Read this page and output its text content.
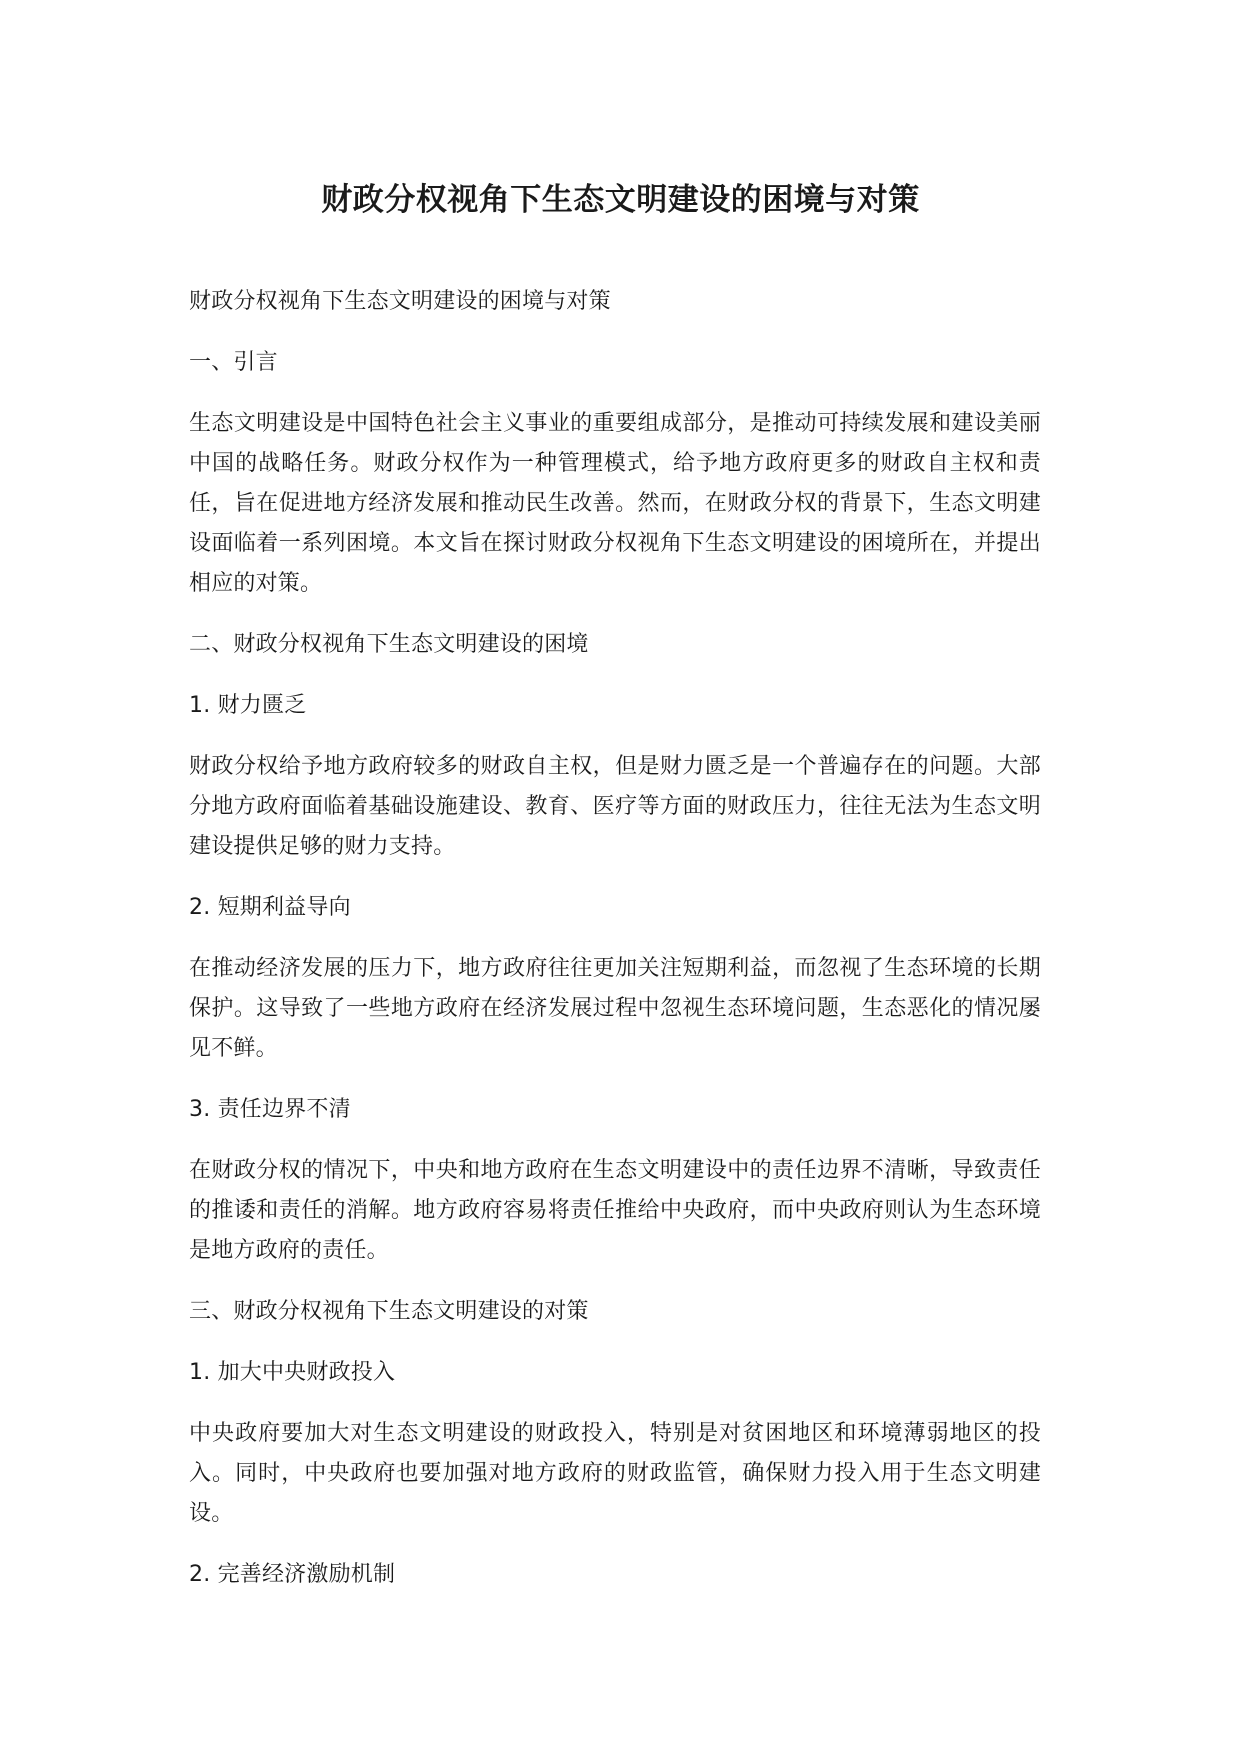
财政分权视角下生态文明建设的困境与对策

财政分权视角下生态文明建设的困境与对策

一、引言

生态文明建设是中国特色社会主义事业的重要组成部分，是推动可持续发展和建设美丽中国的战略任务。财政分权作为一种管理模式，给予地方政府更多的财政自主权和责任，旨在促进地方经济发展和推动民生改善。然而，在财政分权的背景下，生态文明建设面临着一系列困境。本文旨在探讨财政分权视角下生态文明建设的困境所在，并提出相应的对策。

二、财政分权视角下生态文明建设的困境

1. 财力匮乏

财政分权给予地方政府较多的财政自主权，但是财力匮乏是一个普遍存在的问题。大部分地方政府面临着基础设施建设、教育、医疗等方面的财政压力，往往无法为生态文明建设提供足够的财力支持。

2. 短期利益导向

在推动经济发展的压力下，地方政府往往更加关注短期利益，而忽视了生态环境的长期保护。这导致了一些地方政府在经济发展过程中忽视生态环境问题，生态恶化的情况屡见不鲜。

3. 责任边界不清

在财政分权的情况下，中央和地方政府在生态文明建设中的责任边界不清晰，导致责任的推诿和责任的消解。地方政府容易将责任推给中央政府，而中央政府则认为生态环境是地方政府的责任。

三、财政分权视角下生态文明建设的对策

1. 加大中央财政投入

中央政府要加大对生态文明建设的财政投入，特别是对贫困地区和环境薄弱地区的投入。同时，中央政府也要加强对地方政府的财政监管，确保财力投入用于生态文明建设。

2. 完善经济激励机制
